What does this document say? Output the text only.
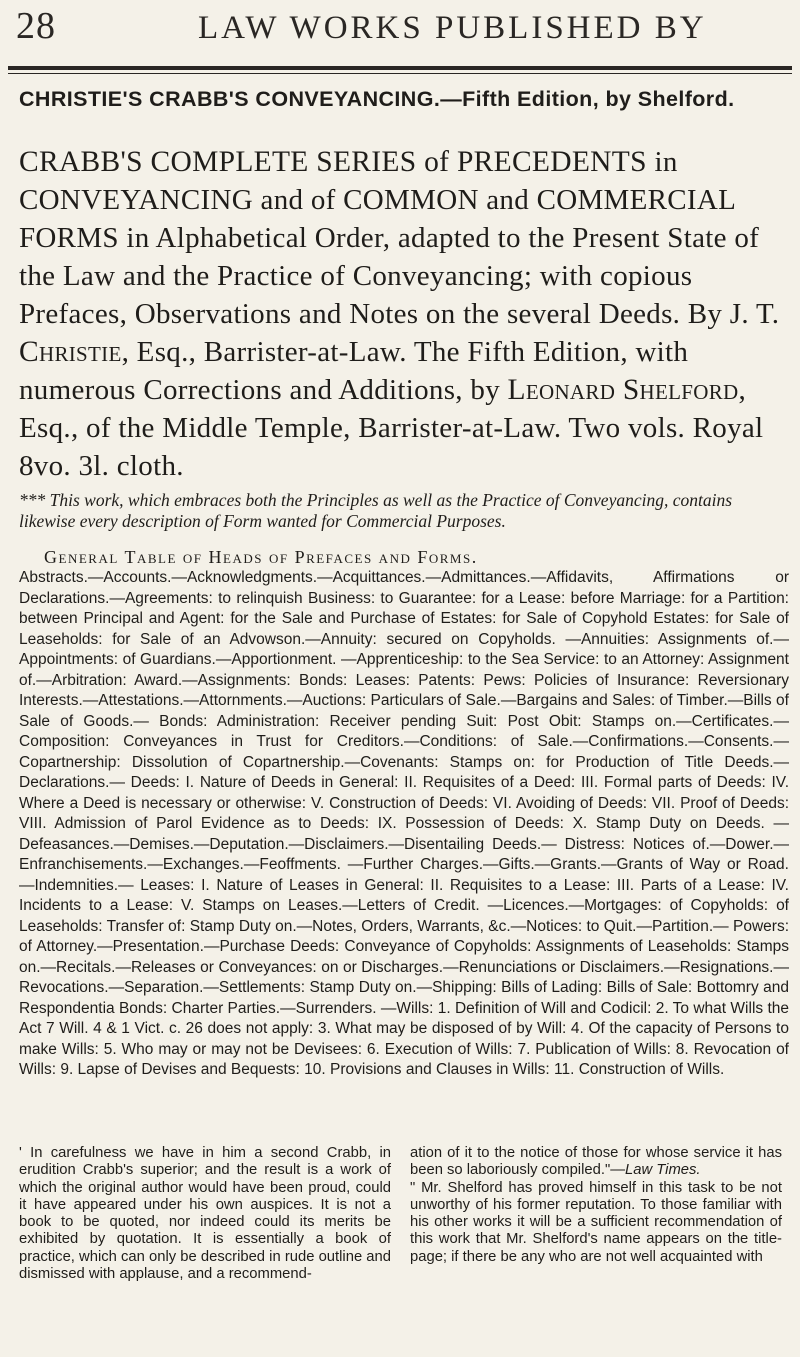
28	LAW WORKS PUBLISHED BY
CHRISTIE'S CRABB'S CONVEYANCING.—Fifth Edition, by Shelford.
CRABB'S COMPLETE SERIES of PRECEDENTS in CONVEYANCING and of COMMON and COMMERCIAL FORMS in Alphabetical Order, adapted to the Present State of the Law and the Practice of Conveyancing; with copious Prefaces, Observations and Notes on the several Deeds. By J. T. Christie, Esq., Barrister-at-Law. The Fifth Edition, with numerous Corrections and Additions, by Leonard Shelford, Esq., of the Middle Temple, Barrister-at-Law. Two vols. Royal 8vo. 3l. cloth.
*** This work, which embraces both the Principles as well as the Practice of Conveyancing, contains likewise every description of Form wanted for Commercial Purposes.
General Table of Heads of Prefaces and Forms.
Abstracts.—Accounts.—Acknowledgments.—Acquittances.—Admittances.—Affidavits, Affirmations or Declarations.—Agreements: to relinquish Business: to Guarantee: for a Lease: before Marriage: for a Partition: between Principal and Agent: for the Sale and Purchase of Estates: for Sale of Copyhold Estates: for Sale of Leaseholds: for Sale of an Advowson.—Annuity: secured on Copyholds. —Annuities: Assignments of.—Appointments: of Guardians.—Apportionment. —Apprenticeship: to the Sea Service: to an Attorney: Assignment of.—Arbitration: Award.—Assignments: Bonds: Leases: Patents: Pews: Policies of Insurance: Reversionary Interests.—Attestations.—Attornments.—Auctions: Particulars of Sale.—Bargains and Sales: of Timber.—Bills of Sale of Goods.— Bonds: Administration: Receiver pending Suit: Post Obit: Stamps on.—Certificates.—Composition: Conveyances in Trust for Creditors.—Conditions: of Sale.—Confirmations.—Consents.—Copartnership: Dissolution of Copartnership.—Covenants: Stamps on: for Production of Title Deeds.—Declarations.— Deeds: I. Nature of Deeds in General: II. Requisites of a Deed: III. Formal parts of Deeds: IV. Where a Deed is necessary or otherwise: V. Construction of Deeds: VI. Avoiding of Deeds: VII. Proof of Deeds: VIII. Admission of Parol Evidence as to Deeds: IX. Possession of Deeds: X. Stamp Duty on Deeds. —Defeasances.—Demises.—Deputation.—Disclaimers.—Disentailing Deeds.— Distress: Notices of.—Dower.—Enfranchisements.—Exchanges.—Feoffments. —Further Charges.—Gifts.—Grants.—Grants of Way or Road.—Indemnities.— Leases: I. Nature of Leases in General: II. Requisites to a Lease: III. Parts of a Lease: IV. Incidents to a Lease: V. Stamps on Leases.—Letters of Credit. —Licences.—Mortgages: of Copyholds: of Leaseholds: Transfer of: Stamp Duty on.—Notes, Orders, Warrants, &c.—Notices: to Quit.—Partition.— Powers: of Attorney.—Presentation.—Purchase Deeds: Conveyance of Copyholds: Assignments of Leaseholds: Stamps on.—Recitals.—Releases or Conveyances: on or Discharges.—Renunciations or Disclaimers.—Resignations.—Revocations.—Separation.—Settlements: Stamp Duty on.—Shipping: Bills of Lading: Bills of Sale: Bottomry and Respondentia Bonds: Charter Parties.—Surrenders. —Wills: 1. Definition of Will and Codicil: 2. To what Wills the Act 7 Will. 4 & 1 Vict. c. 26 does not apply: 3. What may be disposed of by Will: 4. Of the capacity of Persons to make Wills: 5. Who may or may not be Devisees: 6. Execution of Wills: 7. Publication of Wills: 8. Revocation of Wills: 9. Lapse of Devises and Bequests: 10. Provisions and Clauses in Wills: 11. Construction of Wills.
' In carefulness we have in him a second Crabb, in erudition Crabb's superior; and the result is a work of which the original author would have been proud, could it have appeared under his own auspices. It is not a book to be quoted, nor indeed could its merits be exhibited by quotation. It is essentially a book of practice, which can only be described in rude outline and dismissed with applause, and a recommend-
ation of it to the notice of those for whose service it has been so laboriously compiled."—Law Times.
" Mr. Shelford has proved himself in this task to be not unworthy of his former reputation. To those familiar with his other works it will be a sufficient recommendation of this work that Mr. Shelford's name appears on the title-page; if there be any who are not well acquainted with
